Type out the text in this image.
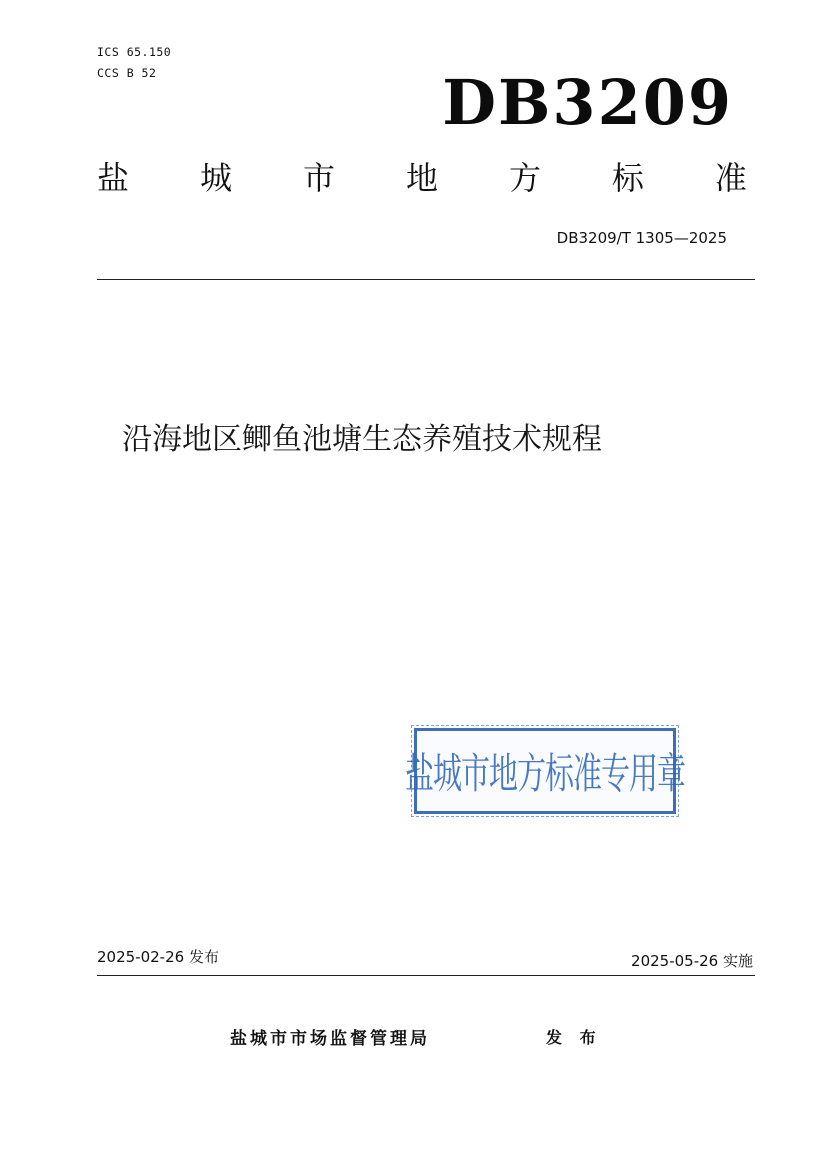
ICS 65.150
CCS B 52	DB3209
盐 城 市 地 方 标 准
DB3209/T 1305—2025
沿海地区鲫鱼池塘生态养殖技术规程
盐城市地方标准专用章
2025-02-26 发布	2025-05-26 实施
盐城市市场监督管理局	发 布
